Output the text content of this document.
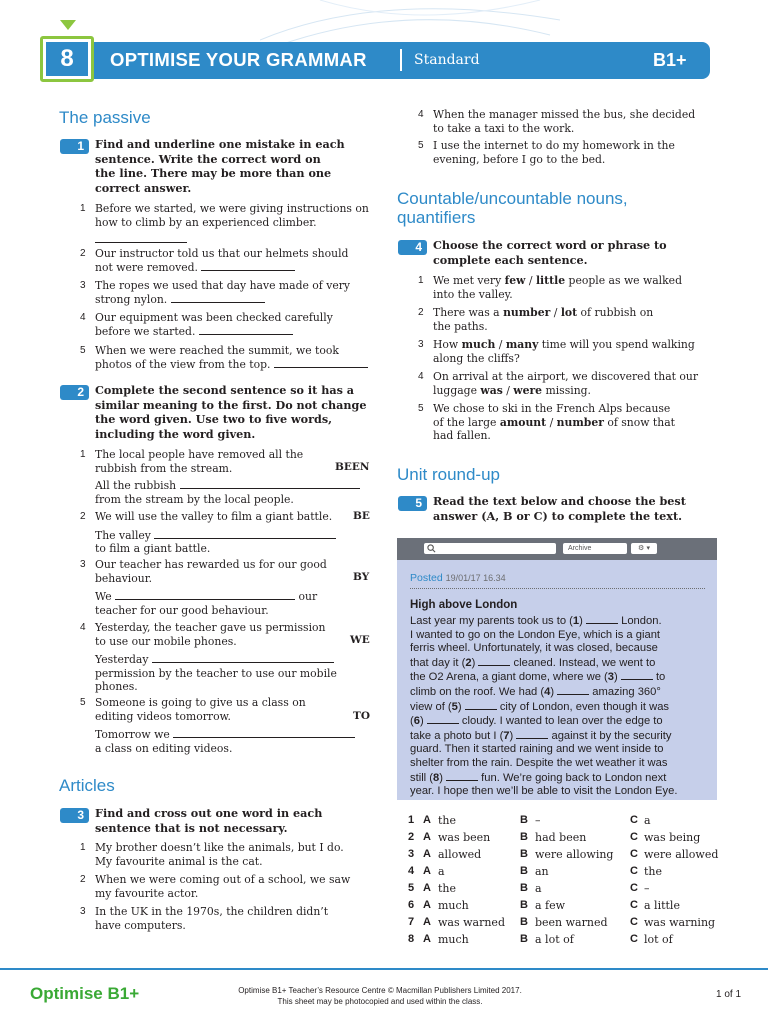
8	OPTIMISE YOUR GRAMMAR	Standard	B1+
The passive
1 Find and underline one mistake in each
sentence. Write the correct word on
the line. There may be more than one
correct answer.
1 Before we started, we were giving instructions on
how to climb by an experienced climber.
2 Our instructor told us that our helmets should
not were removed.
3 The ropes we used that day have made of very
strong nylon.
4 Our equipment was been checked carefully
before we started.
5 When we were reached the summit, we took
photos of the view from the top.
2 Complete the second sentence so it has a
similar meaning to the first. Do not change
the word given. Use two to five words,
including the word given.
1 The local people have removed all the
rubbish from the stream.
All the rubbish
from the stream by the local people.
BEEN
2 We will use the valley to film a giant battle.
The valley
to film a giant battle.
BE
3 Our teacher has rewarded us for our good
behaviour.
We	our
teacher for our good behaviour.
BY
4 Yesterday, the teacher gave us permission
to use our mobile phones.
Yesterday
permission by the teacher to use our mobile
phones.
WE
5 Someone is going to give us a class on
editing videos tomorrow.
Tomorrow we
a class on editing videos.
TO
Articles
3 Find and cross out one word in each
sentence that is not necessary.
1 My brother doesn’t like the animals, but I do.
My favourite animal is the cat.
2 When we were coming out of a school, we saw
my favourite actor.
3 In the UK in the 1970s, the children didn’t
have computers.
4 When the manager missed the bus, she decided
to take a taxi to the work.
5 I use the internet to do my homework in the
evening, before I go to the bed.
Countable/uncountable nouns,
quantifiers
4 Choose the correct word or phrase to
complete each sentence.
1 We met very few / little people as we walked
into the valley.
2 There was a number / lot of rubbish on
the paths.
3 How much / many time will you spend walking
along the cliffs?
4 On arrival at the airport, we discovered that our
luggage was / were missing.
5 We chose to ski in the French Alps because
of the large amount / number of snow that
had fallen.
Unit round-up
5 Read the text below and choose the best
answer (A, B or C) to complete the text.
Archive	⚙ ▾
Posted 19/01/17 16.34
High above London
Last year my parents took us to (1)	London.
I wanted to go on the London Eye, which is a giant
ferris wheel. Unfortunately, it was closed, because
that day it (2)	cleaned. Instead, we went to
the O2 Arena, a giant dome, where we (3)	to
climb on the roof. We had (4)	amazing 360°
view of (5)	city of London, even though it was
(6)	cloudy. I wanted to lean over the edge to
take a photo but I (7)	against it by the security
guard. Then it started raining and we went inside to
shelter from the rain. Despite the wet weather it was
still (8)	fun. We’re going back to London next
year. I hope then we’ll be able to visit the London Eye.
1 A the	B –	C a
2 A was been	B had been	C was being
3 A allowed	B were allowing C were allowed
4 A a	B an	C the
5 A the	B a	C –
6 A much	B a few	C a little
7 A was warned B been warned C was warning
8 A much	B a lot of	C lot of
Optimise B1+	Optimise B1+ Teacher’s Resource Centre © Macmillan Publishers Limited 2017.
This sheet may be photocopied and used within the class.
1 of 1
